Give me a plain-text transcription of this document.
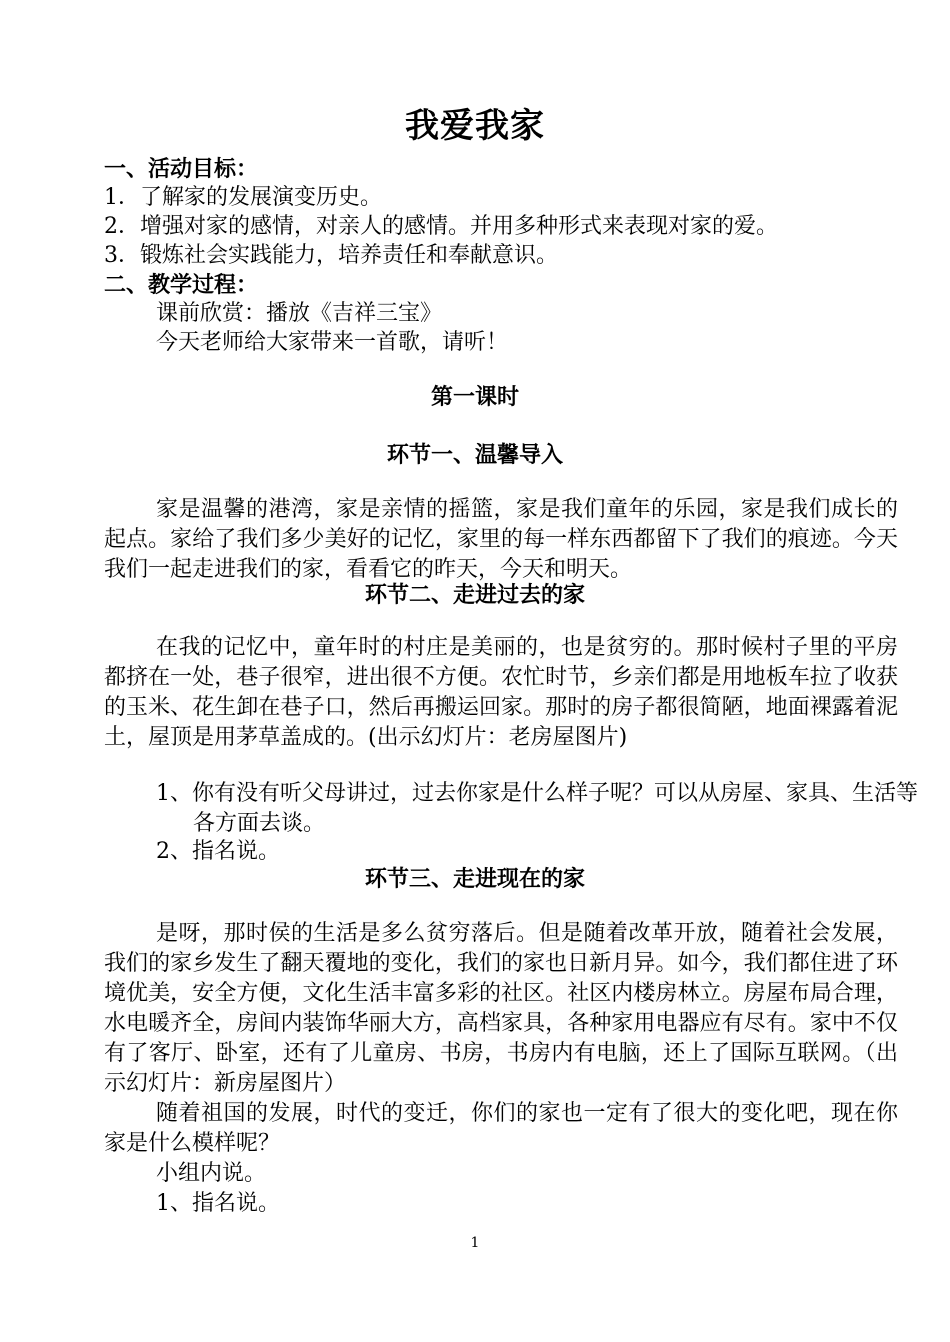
我爱我家
一、活动目标：
1．了解家的发展演变历史。
2．增强对家的感情，对亲人的感情。并用多种形式来表现对家的爱。
3．锻炼社会实践能力，培养责任和奉献意识。
二、教学过程：
课前欣赏：播放《吉祥三宝》
今天老师给大家带来一首歌，请听！
第一课时
环节一、温馨导入

家是温馨的港湾，家是亲情的摇篮，家是我们童年的乐园，家是我们成长的起点。家给了我们多少美好的记忆，家里的每一样东西都留下了我们的痕迹。今天我们一起走进我们的家，看看它的昨天，今天和明天。

环节二、走进过去的家

在我的记忆中，童年时的村庄是美丽的，也是贫穷的。那时候村子里的平房都挤在一处，巷子很窄，进出很不方便。农忙时节，乡亲们都是用地板车拉了收获的玉米、花生卸在巷子口，然后再搬运回家。那时的房子都很简陋，地面裸露着泥土，屋顶是用茅草盖成的。(出示幻灯片：老房屋图片)

1、你有没有听父母讲过，过去你家是什么样子呢？可以从房屋、家具、生活等各方面去谈。
2、指名说。
环节三、走进现在的家

是呀，那时侯的生活是多么贫穷落后。但是随着改革开放，随着社会发展，我们的家乡发生了翻天覆地的变化，我们的家也日新月异。如今，我们都住进了环境优美，安全方便，文化生活丰富多彩的社区。社区内楼房林立。房屋布局合理，水电暖齐全，房间内装饰华丽大方，高档家具，各种家用电器应有尽有。家中不仅有了客厅、卧室，还有了儿童房、书房，书房内有电脑，还上了国际互联网。（出示幻灯片：新房屋图片）

随着祖国的发展，时代的变迁，你们的家也一定有了很大的变化吧，现在你家是什么模样呢？

小组内说。

1、指名说。

1
